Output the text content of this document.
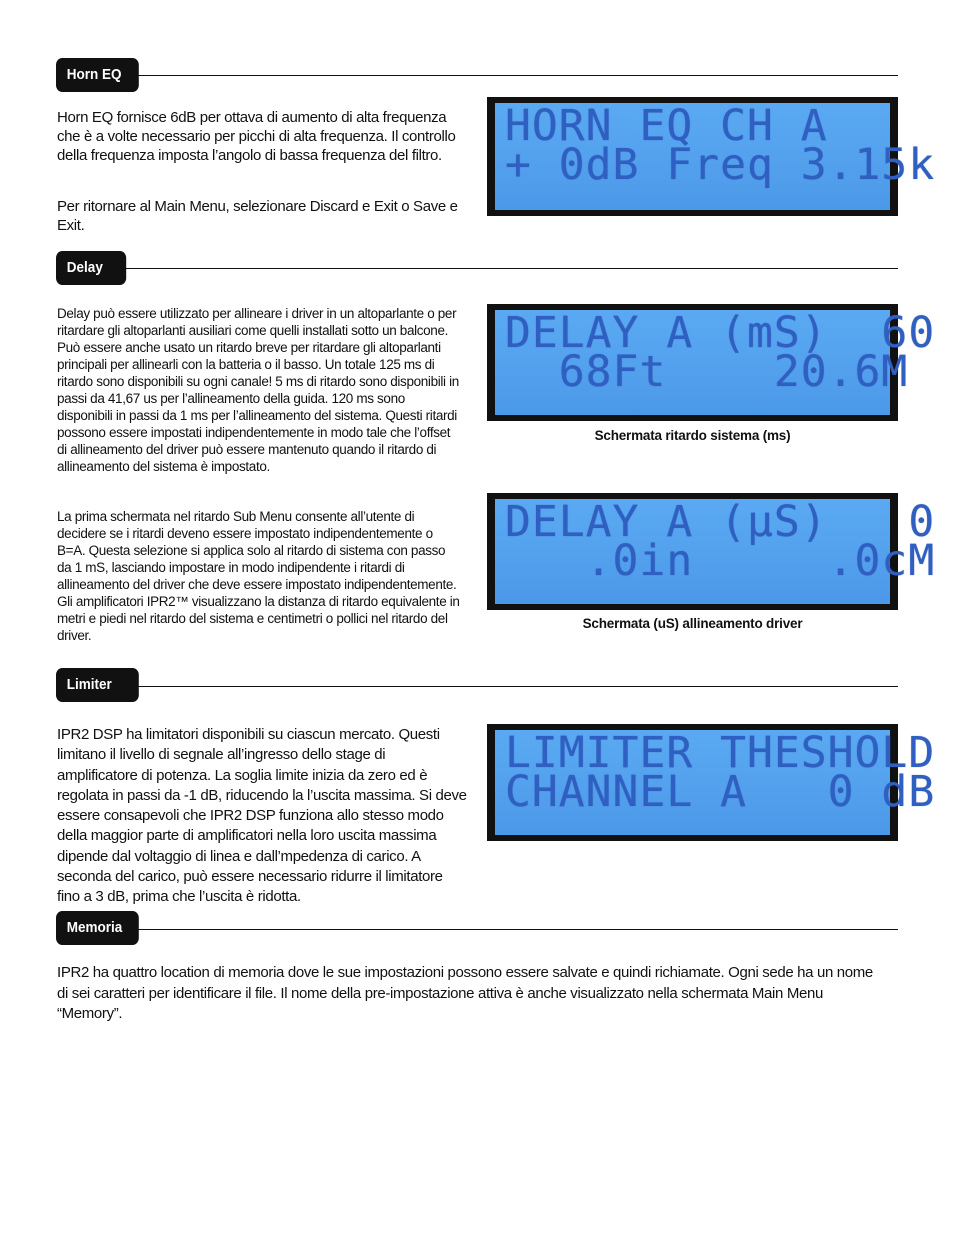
Horn EQ

Horn EQ fornisce 6dB per ottava di aumento di alta frequenza che è a volte necessario per picchi di alta frequenza. Il controllo della frequenza imposta l’angolo di bassa frequenza del filtro.

Per ritornare al Main Menu, selezionare Discard e Exit o Save e Exit.

HORN EQ CH A
+ 0dB Freq 3.15k
Delay

Delay può essere utilizzato per allineare i driver in un altoparlante o per ritardare gli altoparlanti ausiliari come quelli installati sotto un balcone. Può essere anche usato un ritardo breve per ritardare gli altoparlanti principali per allinearli con la batteria o il basso. Un totale 125 ms di ritardo sono disponibili su ogni canale! 5 ms di ritardo sono disponibili in passi da 41,67 us per l’allineamento della guida. 120 ms sono disponibili in passi da 1 ms per l’allineamento del sistema. Questi ritardi possono essere impostati indipendentemente in modo tale che l’offset di allineamento del driver può essere mantenuto quando il ritardo di allineamento del sistema è impostato.

La prima schermata nel ritardo Sub Menu consente all’utente di decidere se i ritardi deveno essere impostato indipendentemente o B=A. Questa selezione si applica solo al ritardo di sistema con passo da 1 mS, lasciando impostare in modo indipendente i ritardi di allineamento del driver che deve essere impostato indipendentemente. Gli amplificatori IPR2™ visualizzano la distanza di ritardo equivalente in metri e piedi nel ritardo del sistema e centimetri o pollici nel ritardo del driver.

DELAY A (mS)  60
68Ft    20.6M
Schermata ritardo sistema (ms)
DELAY A (μS)   0
.0in     .0cM
Schermata (uS) allineamento driver
Limiter

IPR2 DSP ha limitatori disponibili su ciascun mercato. Questi limitano il livello di segnale all’ingresso dello stage di amplificatore di potenza. La soglia limite inizia da zero ed è regolata in passi da -1 dB, riducendo la l’uscita massima. Si deve essere consapevoli che IPR2 DSP funziona allo stesso modo della maggior parte di amplificatori nella loro uscita massima dipende dal voltaggio di linea e dall’mpedenza di carico. A seconda del carico, può essere necessario ridurre il limitatore fino a 3 dB, prima che l’uscita è ridotta.

LIMITER THESHOLD
CHANNEL A   0 dB
Memoria

IPR2 ha quattro location di memoria dove le sue impostazioni possono essere salvate e quindi richiamate. Ogni sede ha un nome di sei caratteri per identificare il file. Il nome della pre-impostazione attiva è anche visualizzato nella schermata Main Menu “Memory”.
